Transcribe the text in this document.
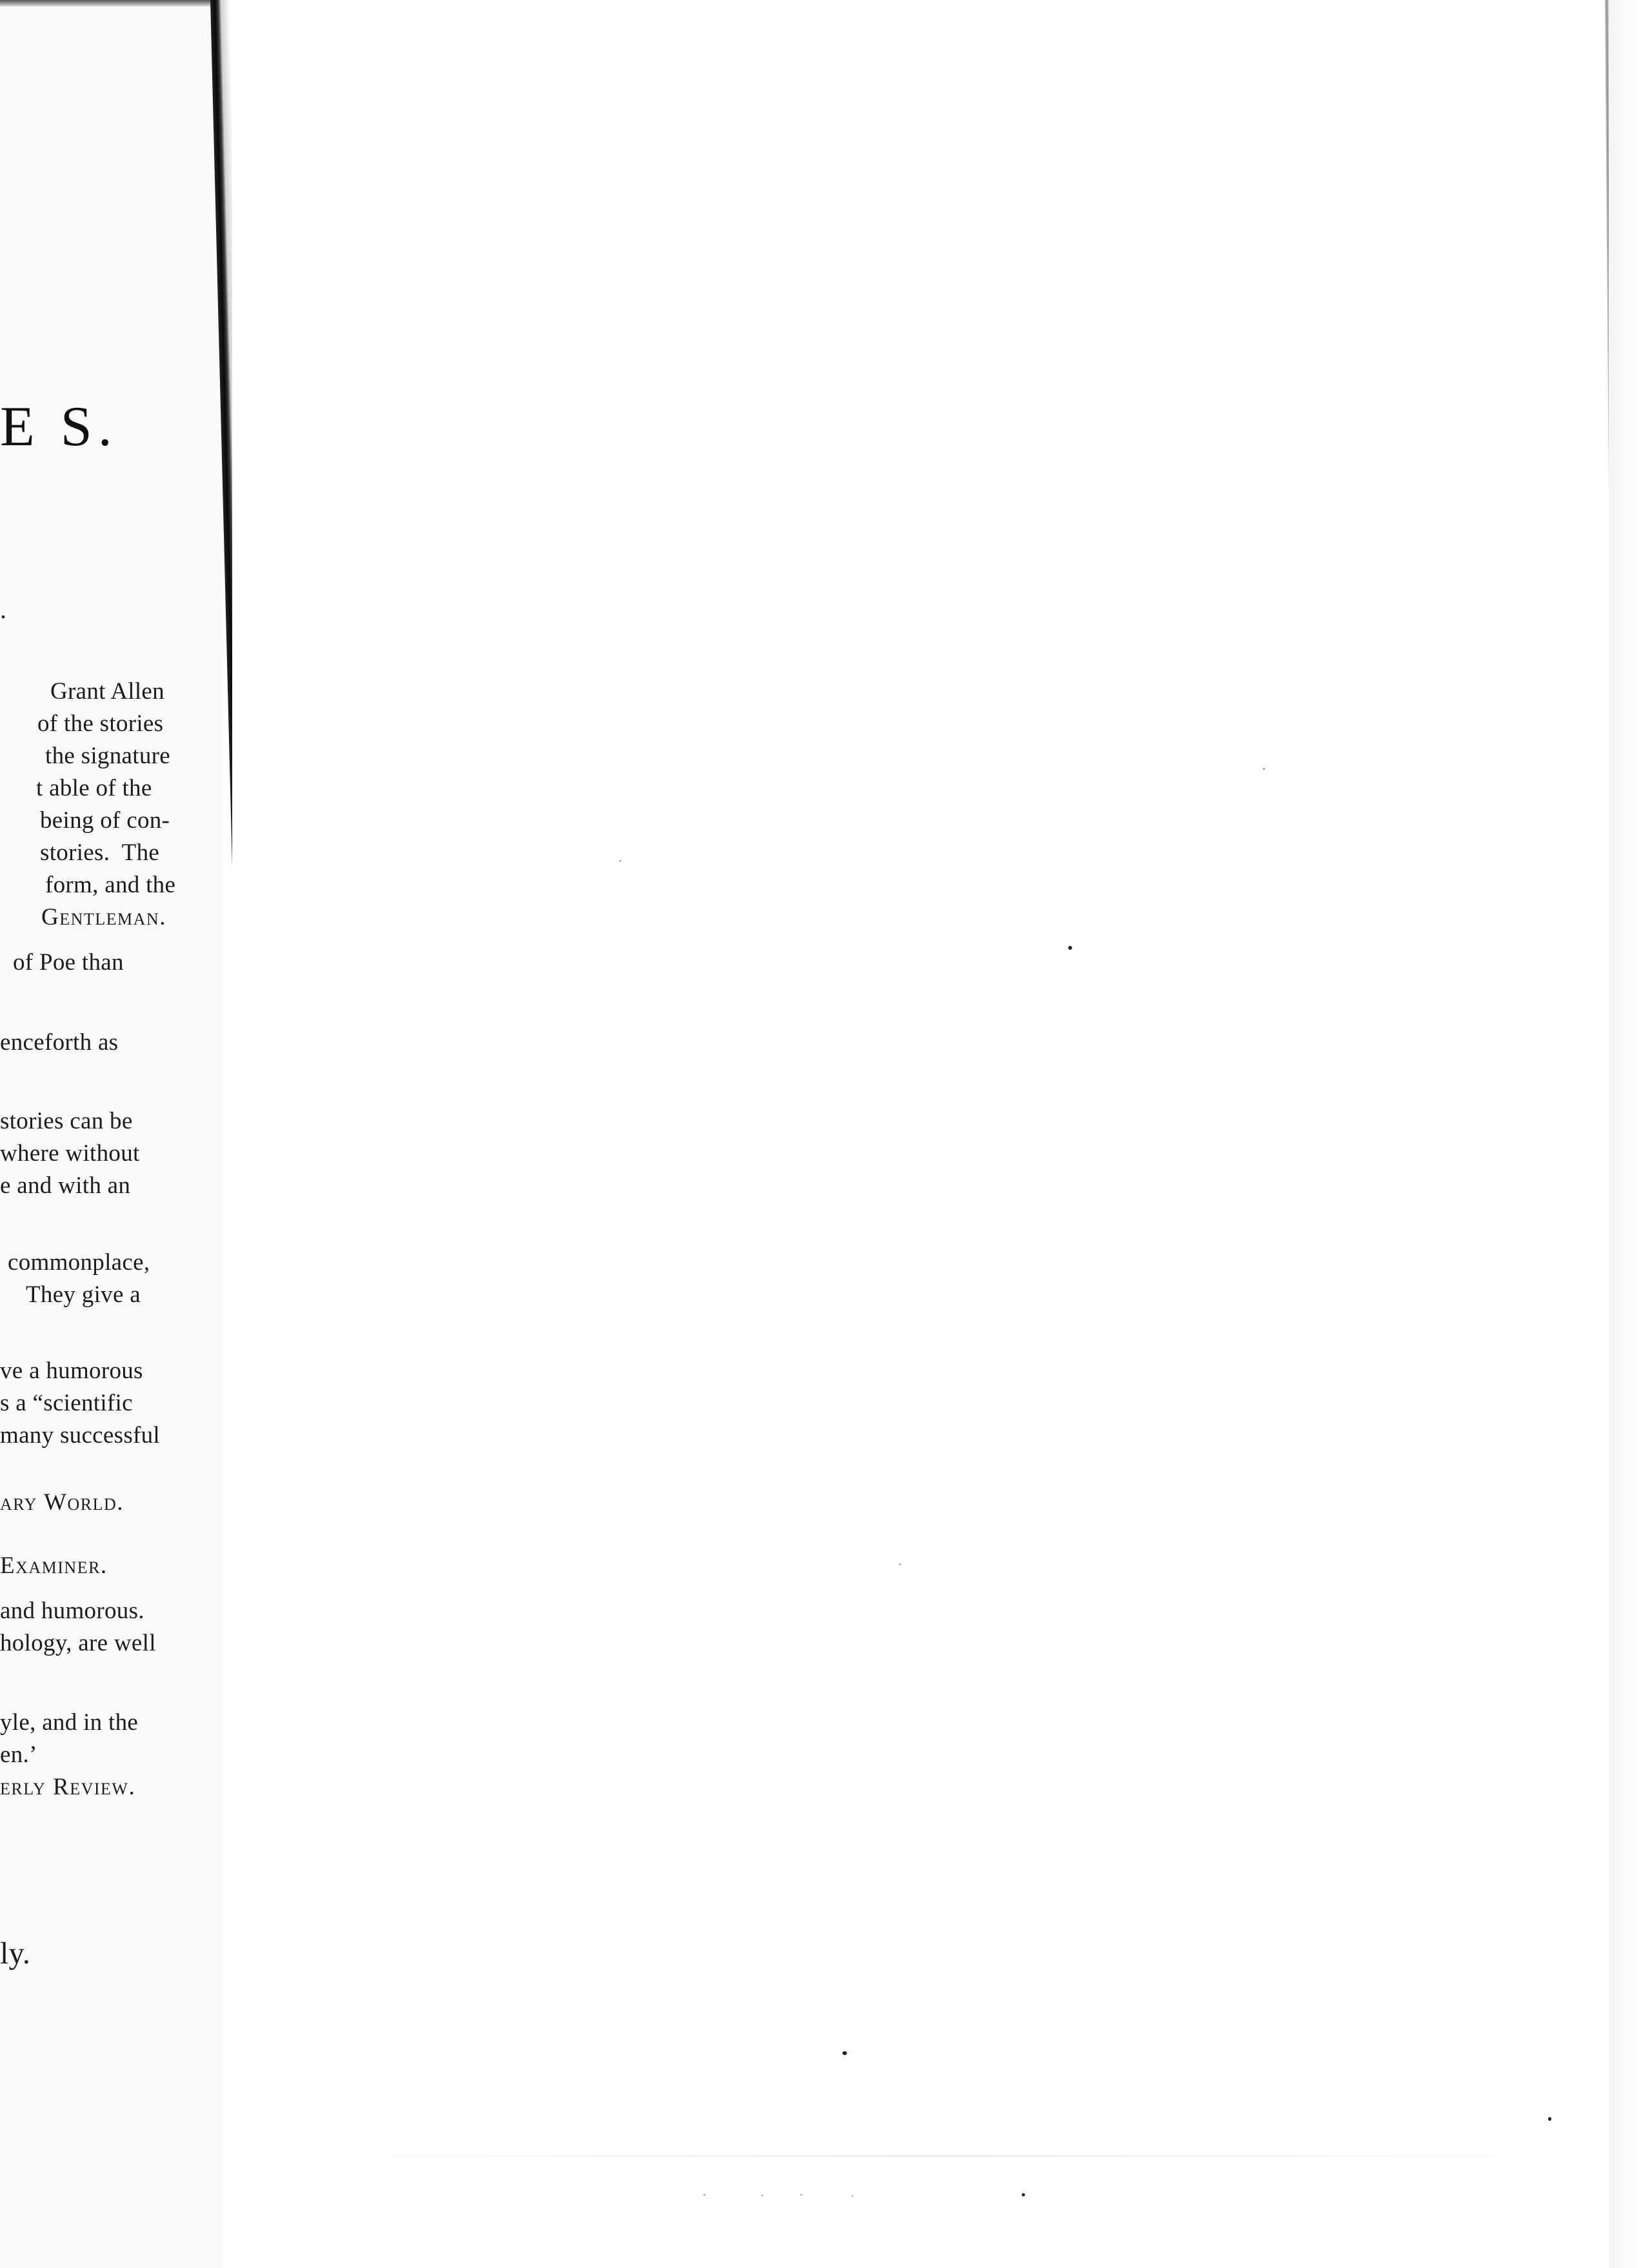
E S.
.
Grant Allen
of the stories
the signature
t able of the
being of con-
stories.  The
form, and the
Gentleman.
of Poe than
enceforth as
stories can be
where without
e and with an
commonplace,
They give a
ve a humorous
s a “scientific
many successful
ary World.
Examiner.
and humorous.
hology, are well
yle, and in the
en.’
erly Review.
ly.
